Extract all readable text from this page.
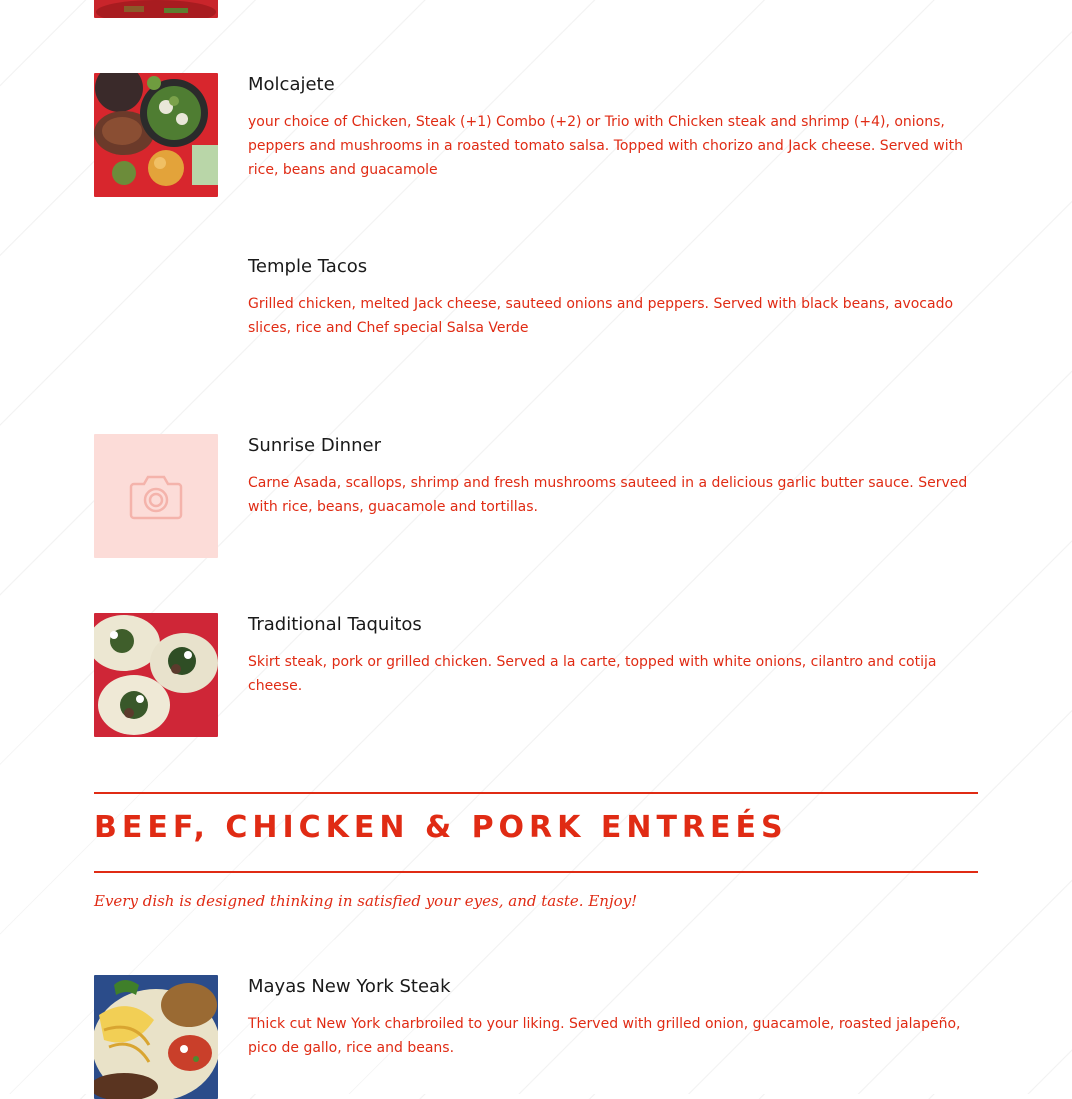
Molcajete

your choice of Chicken, Steak (+1) Combo (+2) or Trio with Chicken steak and shrimp (+4), onions, peppers and mushrooms in a roasted tomato salsa. Topped with chorizo and Jack cheese. Served with rice, beans and guacamole

Temple Tacos

Grilled chicken, melted Jack cheese, sauteed onions and peppers. Served with black beans, avocado slices, rice and Chef special Salsa Verde

Sunrise Dinner

Carne Asada, scallops, shrimp and fresh mushrooms sauteed in a delicious garlic butter sauce. Served with rice, beans, guacamole and tortillas.

Traditional Taquitos

Skirt steak, pork or grilled chicken. Served a la carte, topped with white onions, cilantro and cotija cheese.

BEEF, CHICKEN & PORK ENTREÉS

Every dish is designed thinking in satisfied your eyes, and taste. Enjoy!

Mayas New York Steak

Thick cut New York charbroiled to your liking. Served with grilled onion, guacamole, roasted jalapeño, pico de gallo, rice and beans.
